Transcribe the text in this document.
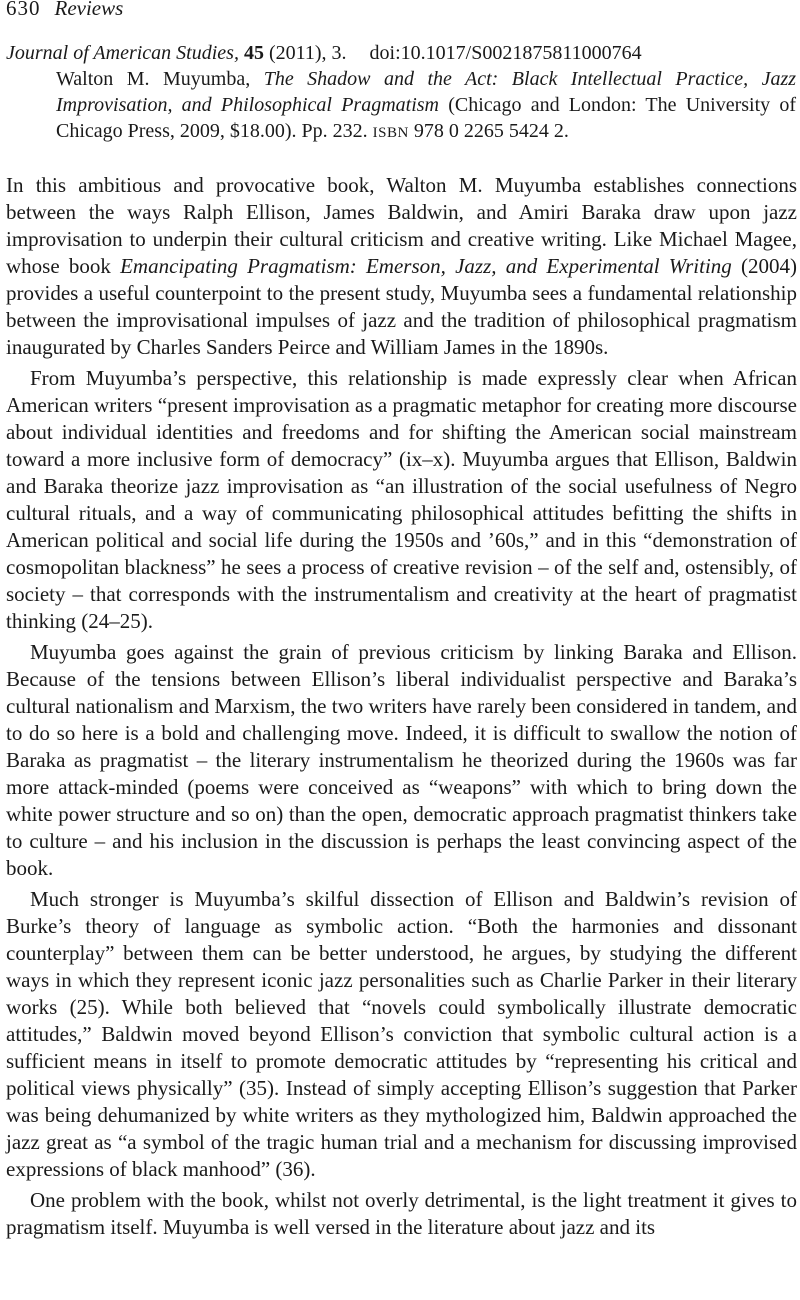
630 Reviews
Journal of American Studies, 45 (2011), 3. doi:10.1017/S0021875811000764
Walton M. Muyumba, The Shadow and the Act: Black Intellectual Practice, Jazz Improvisation, and Philosophical Pragmatism (Chicago and London: The University of Chicago Press, 2009, $18.00). Pp. 232. ISBN 978 0 2265 5424 2.

In this ambitious and provocative book, Walton M. Muyumba establishes connections between the ways Ralph Ellison, James Baldwin, and Amiri Baraka draw upon jazz improvisation to underpin their cultural criticism and creative writing. Like Michael Magee, whose book Emancipating Pragmatism: Emerson, Jazz, and Experimental Writing (2004) provides a useful counterpoint to the present study, Muyumba sees a fundamental relationship between the improvisational impulses of jazz and the tradition of philosophical pragmatism inaugurated by Charles Sanders Peirce and William James in the 1890s.

From Muyumba’s perspective, this relationship is made expressly clear when African American writers “present improvisation as a pragmatic metaphor for creating more discourse about individual identities and freedoms and for shifting the American social mainstream toward a more inclusive form of democracy” (ix–x). Muyumba argues that Ellison, Baldwin and Baraka theorize jazz improvisation as “an illustration of the social usefulness of Negro cultural rituals, and a way of communicating philosophical attitudes befitting the shifts in American political and social life during the 1950s and ’60s,” and in this “demonstration of cosmopolitan blackness” he sees a process of creative revision – of the self and, ostensibly, of society – that corresponds with the instrumentalism and creativity at the heart of pragmatist thinking (24–25).

Muyumba goes against the grain of previous criticism by linking Baraka and Ellison. Because of the tensions between Ellison’s liberal individualist perspective and Baraka’s cultural nationalism and Marxism, the two writers have rarely been considered in tandem, and to do so here is a bold and challenging move. Indeed, it is difficult to swallow the notion of Baraka as pragmatist – the literary instrumentalism he theorized during the 1960s was far more attack-minded (poems were conceived as “weapons” with which to bring down the white power structure and so on) than the open, democratic approach pragmatist thinkers take to culture – and his inclusion in the discussion is perhaps the least convincing aspect of the book.

Much stronger is Muyumba’s skilful dissection of Ellison and Baldwin’s revision of Burke’s theory of language as symbolic action. “Both the harmonies and dissonant counterplay” between them can be better understood, he argues, by studying the different ways in which they represent iconic jazz personalities such as Charlie Parker in their literary works (25). While both believed that “novels could symbolically illustrate democratic attitudes,” Baldwin moved beyond Ellison’s conviction that symbolic cultural action is a sufficient means in itself to promote democratic attitudes by “representing his critical and political views physically” (35). Instead of simply accepting Ellison’s suggestion that Parker was being dehumanized by white writers as they mythologized him, Baldwin approached the jazz great as “a symbol of the tragic human trial and a mechanism for discussing improvised expressions of black manhood” (36).

One problem with the book, whilst not overly detrimental, is the light treatment it gives to pragmatism itself. Muyumba is well versed in the literature about jazz and its
